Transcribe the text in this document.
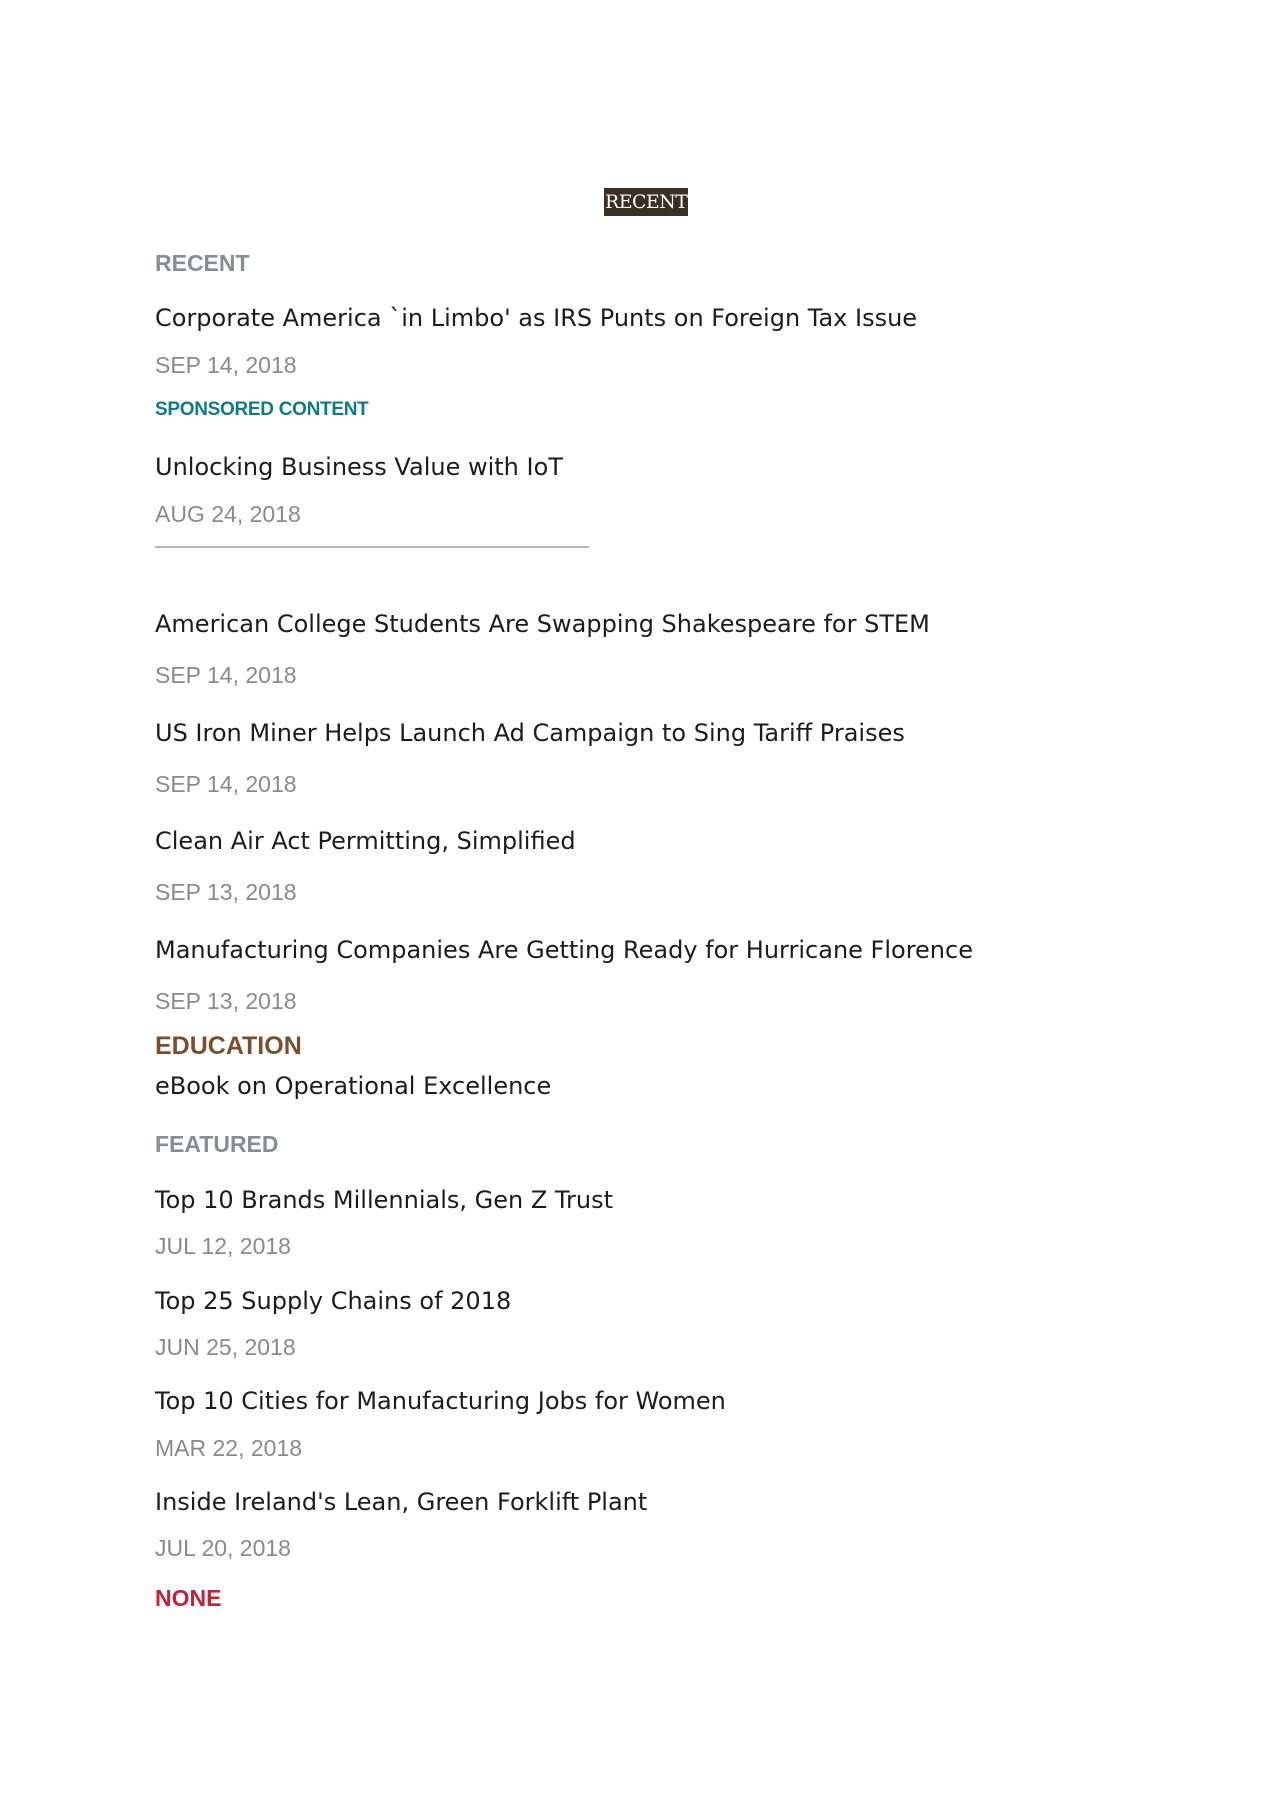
RECENT
RECENT
Corporate America `in Limbo' as IRS Punts on Foreign Tax Issue
SEP 14, 2018
SPONSORED CONTENT
Unlocking Business Value with IoT
AUG 24, 2018
American College Students Are Swapping Shakespeare for STEM
SEP 14, 2018
US Iron Miner Helps Launch Ad Campaign to Sing Tariff Praises
SEP 14, 2018
Clean Air Act Permitting, Simplified
SEP 13, 2018
Manufacturing Companies Are Getting Ready for Hurricane Florence
SEP 13, 2018
EDUCATION
eBook on Operational Excellence
FEATURED
Top 10 Brands Millennials, Gen Z Trust
JUL 12, 2018
Top 25 Supply Chains of 2018
JUN 25, 2018
Top 10 Cities for Manufacturing Jobs for Women
MAR 22, 2018
Inside Ireland's Lean, Green Forklift Plant
JUL 20, 2018
NONE
